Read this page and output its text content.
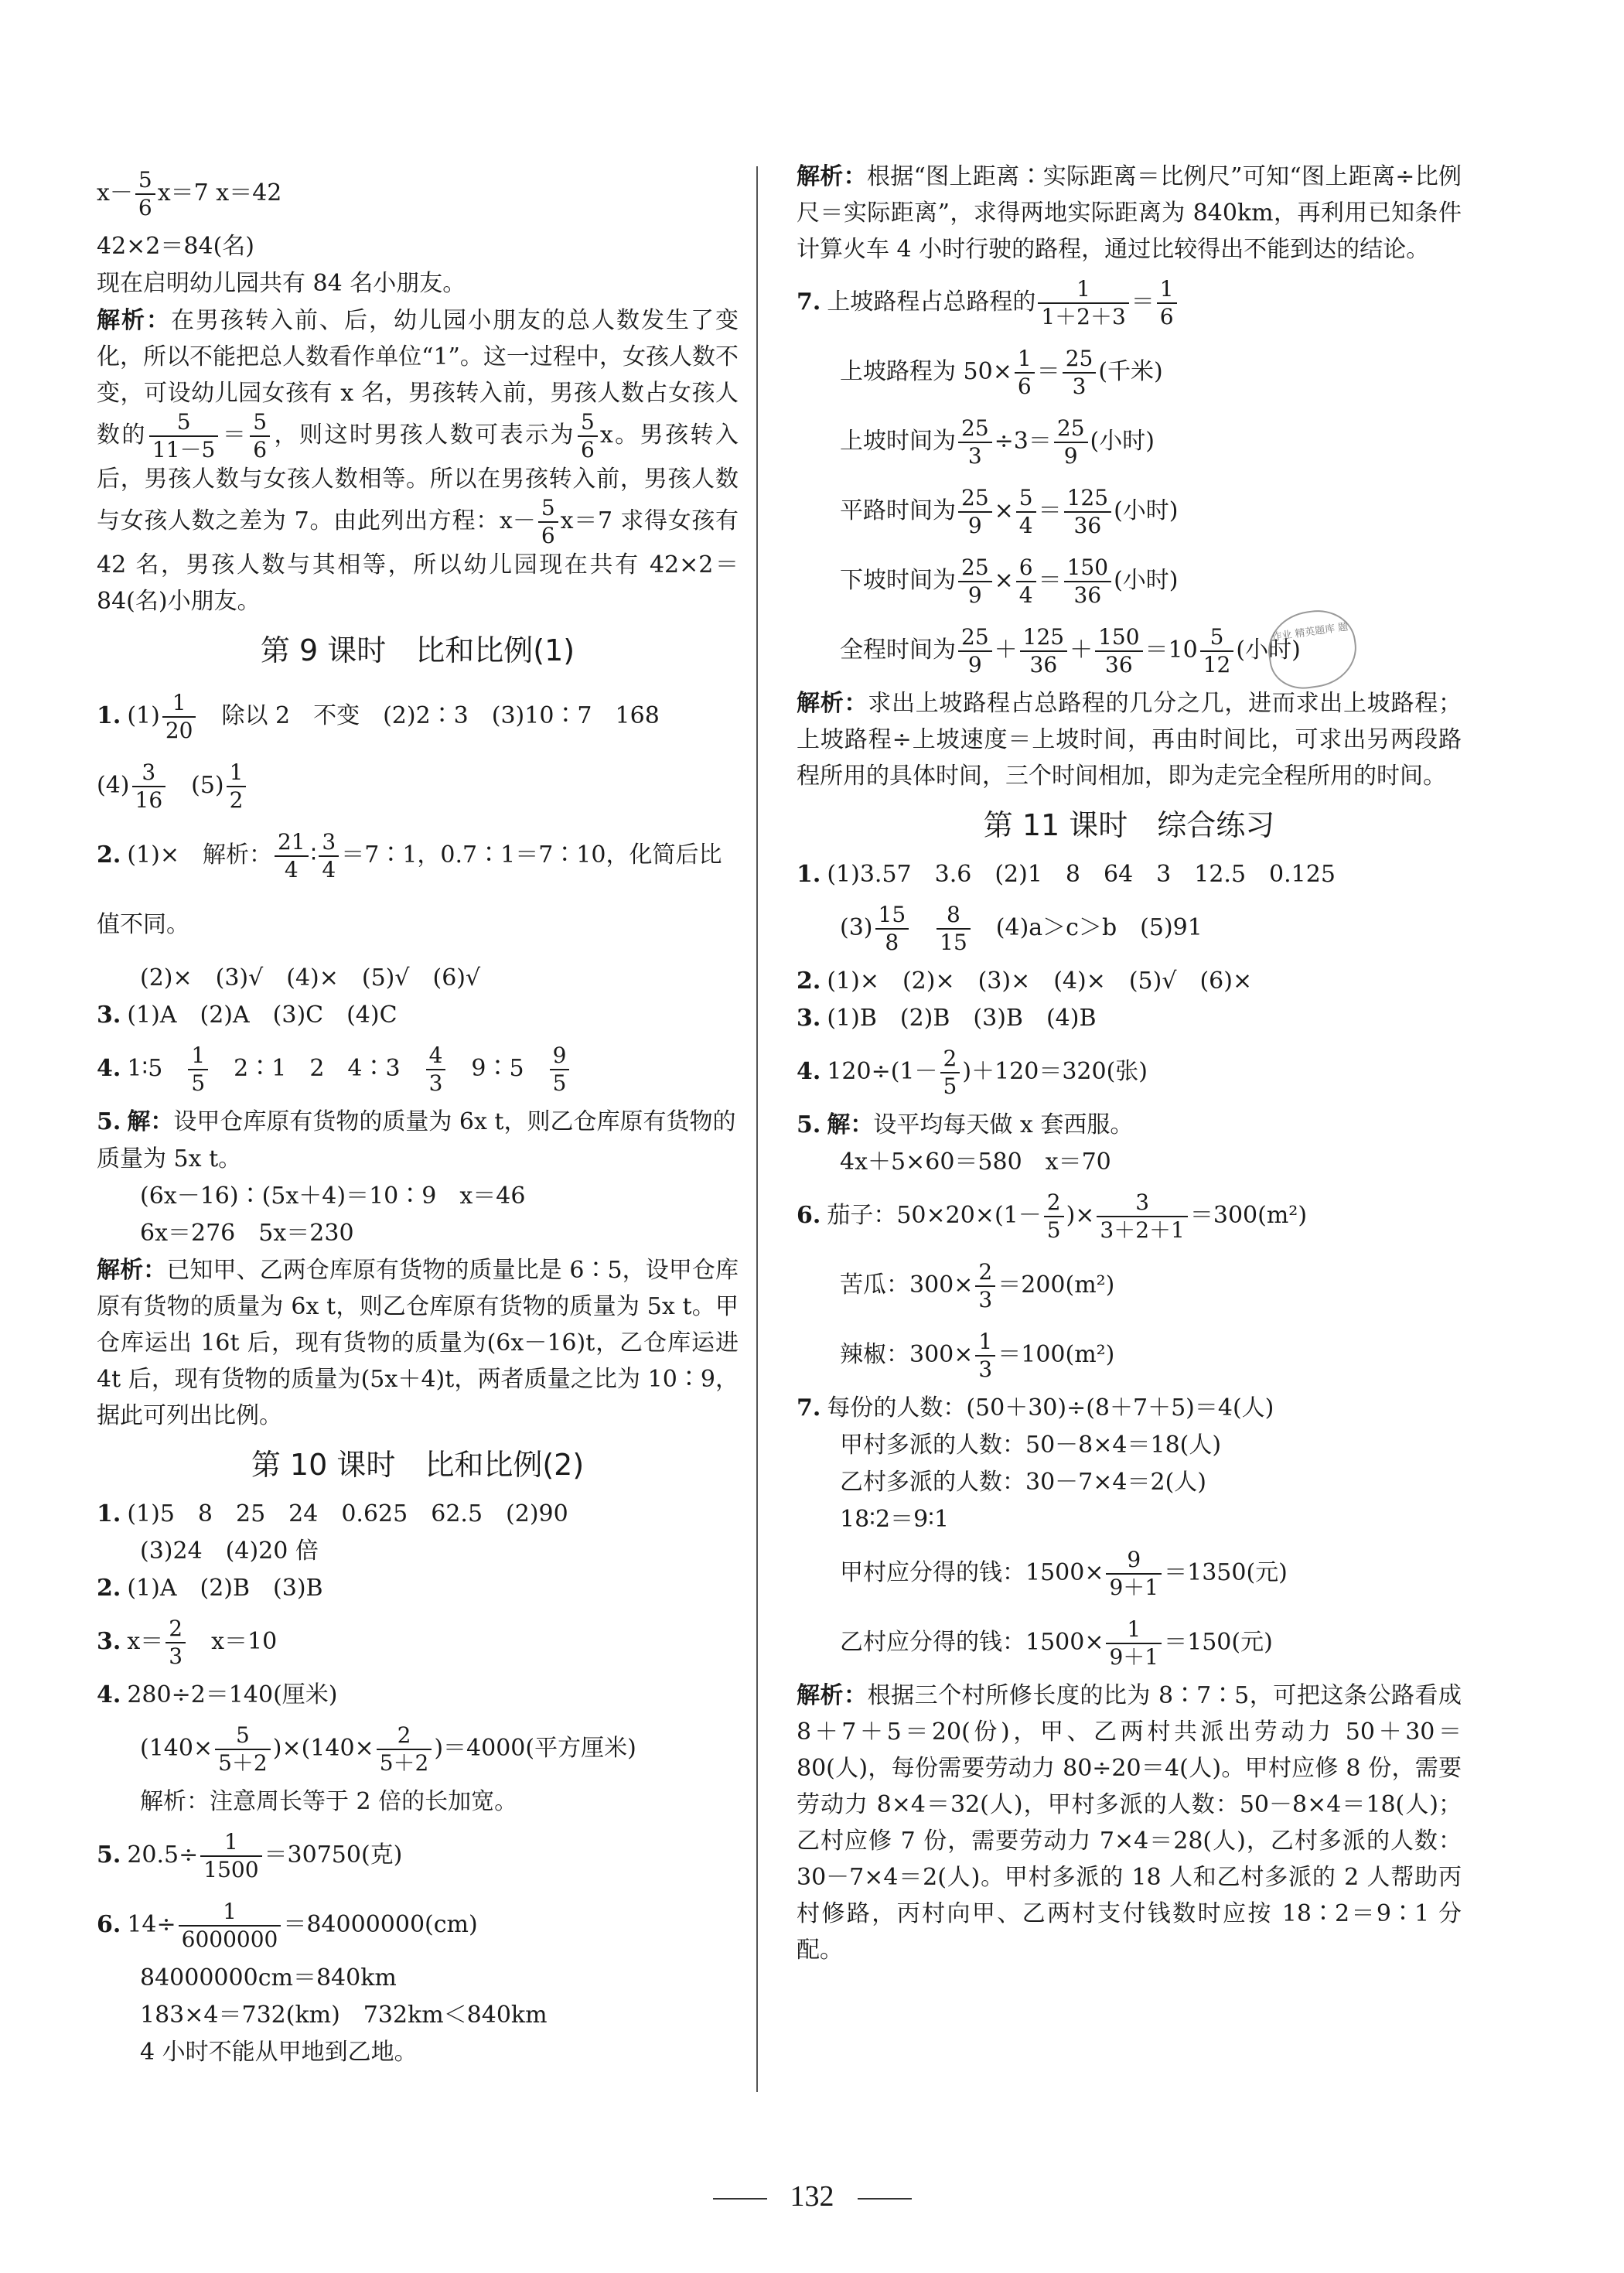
$x- \frac{5}{6} x=7$ x＝42
42×2＝84(名)
现在启明幼儿园共有 84 名小朋友。
解析：在男孩转入前、后，幼儿园小朋友的总人数发生了变化，所以不能把总人数看作单位“1”。这一过程中，女孩人数不变，可设幼儿园女孩有 x 名，男孩转入前，男孩人数占女孩人数的 $\frac{5}{11-5} = \frac{5}{6}$ ，则这时男孩人数可表示为 $\frac{5}{6}$ x。男孩转入后，男孩人数与女孩人数相等。所以在男孩转入前，男孩人数与女孩人数之差为 7。由此列出方程：$x- \frac{5}{6} x=7$ 求得女孩有 42 名，男孩人数与其相等，所以幼儿园现在共有 42×2＝84(名)小朋友。
第 9 课时　比和比例(1)
1. $(1) \frac{1}{20}$
　 除以 2　不变　(2)2∶3　(3)10∶7　168
$(4) \frac{3}{16}$
　 $(5) \frac{1}{2}$
2. (1)×　解析： $\frac{21}{4}$ ∶ $\frac{3}{4}$ ＝7∶1，0.7∶1＝7∶10，化简后比值不同。
(2)×　(3)√　(4)×　(5)√　(6)√
3. (1)A　(2)A　(3)C　(4)C
4. 1∶5　 $\frac{1}{5}$
　 2∶1　2　4∶3　 $\frac{4}{3}$
　 9∶5　 $\frac{9}{5}$
5. 解：设甲仓库原有货物的质量为 6x t，则乙仓库原有货物的质量为 5x t。
(6x－16)∶(5x＋4)＝10∶9　x＝46
6x＝276　5x＝230
解析：已知甲、乙两仓库原有货物的质量比是 6∶5，设甲仓库原有货物的质量为 6x t，则乙仓库原有货物的质量为 5x t。甲仓库运出 16t 后，现有货物的质量为(6x－16)t，乙仓库运进 4t 后，现有货物的质量为(5x＋4)t，两者质量之比为 10∶9，据此可列出比例。
第 10 课时　比和比例(2)
1. (1)5　8　25　24　0.625　62.5　(2)90
(3)24　(4)20 倍
2. (1)A　(2)B　(3)B
3. $x= \frac{2}{3}$
　 x＝10
4. 280÷2＝140(厘米)
$(140\times \frac{5}{5+2} )\times(140\times \frac{2}{5+2} )=4000$(平方厘米)
解析：注意周长等于 2 倍的长加宽。
5. $20.5\div \frac{1}{1500} =30750$(克)
6. $14\div \frac{1}{6000000} =84000000(cm)$
84000000cm＝840km
183×4＝732(km)　732km＜840km
4 小时不能从甲地到乙地。
解析：根据“图上距离∶实际距离＝比例尺”可知“图上距离÷比例尺＝实际距离”，求得两地实际距离为 840km，再利用已知条件计算火车 4 小时行驶的路程，通过比较得出不能到达的结论。
7. 上坡路程占总路程的 $\frac{1}{1+2+3} = \frac{1}{6}$
上坡路程为 $50\times \frac{1}{6} = \frac{25}{3}$ (千米)
上坡时间为 $\frac{25}{3} \div 3= \frac{25}{9}$ (小时)
平路时间为 $\frac{25}{9} \times \frac{5}{4} = \frac{125}{36}$ (小时)
下坡时间为 $\frac{25}{9} \times \frac{6}{4} = \frac{150}{36}$ (小时)
全程时间为 $\frac{25}{9} + \frac{125}{36} + \frac{150}{36} =10 \frac{5}{12}$ (小时)
解析：求出上坡路程占总路程的几分之几，进而求出上坡路程；上坡路程÷上坡速度＝上坡时间，再由时间比，可求出另两段路程所用的具体时间，三个时间相加，即为走完全程所用的时间。
第 11 课时　综合练习
1. (1)3.57　3.6　(2)1　8　64　3　12.5　0.125
$(3) \frac{15}{8}$
　 $\frac{8}{15}$
　 (4)a＞c＞b　(5)91
2. (1)×　(2)×　(3)×　(4)×　(5)√　(6)×
3. (1)B　(2)B　(3)B　(4)B
4. $120\div(1- \frac{2}{5} )+120=320$(张)
5. 解：设平均每天做 x 套西服。
4x＋5×60＝580　x＝70
6. 茄子：$50\times 20\times(1- \frac{2}{5}$ )× $\frac{3}{3+2+1} =300(m^2)$
苦瓜：$300\times \frac{2}{3} =200(m^2)$
辣椒：$300\times \frac{1}{3} =100(m^2)$
7. 每份的人数：(50＋30)÷(8＋7＋5)＝4(人)
甲村多派的人数：50－8×4＝18(人)
乙村多派的人数：30－7×4＝2(人)
18∶2＝9∶1
甲村应分得的钱：$1500\times \frac{9}{9+1} =1350$(元)
乙村应分得的钱：$1500\times \frac{1}{9+1} =150$(元)
解析：根据三个村所修长度的比为 8∶7∶5，可把这条公路看成 8＋7＋5＝20(份)，甲、乙两村共派出劳动力 50＋30＝80(人)，每份需要劳动力 80÷20＝4(人)。甲村应修 8 份，需要劳动力 8×4＝32(人)，甲村多派的人数：50－8×4＝18(人)；乙村应修 7 份，需要劳动力 7×4＝28(人)，乙村多派的人数：30－7×4＝2(人)。甲村多派的 18 人和乙村多派的 2 人帮助丙村修路，丙村向甲、乙两村支付钱数时应按 18∶2＝9∶1 分配。
作业 精英题库 题
132
